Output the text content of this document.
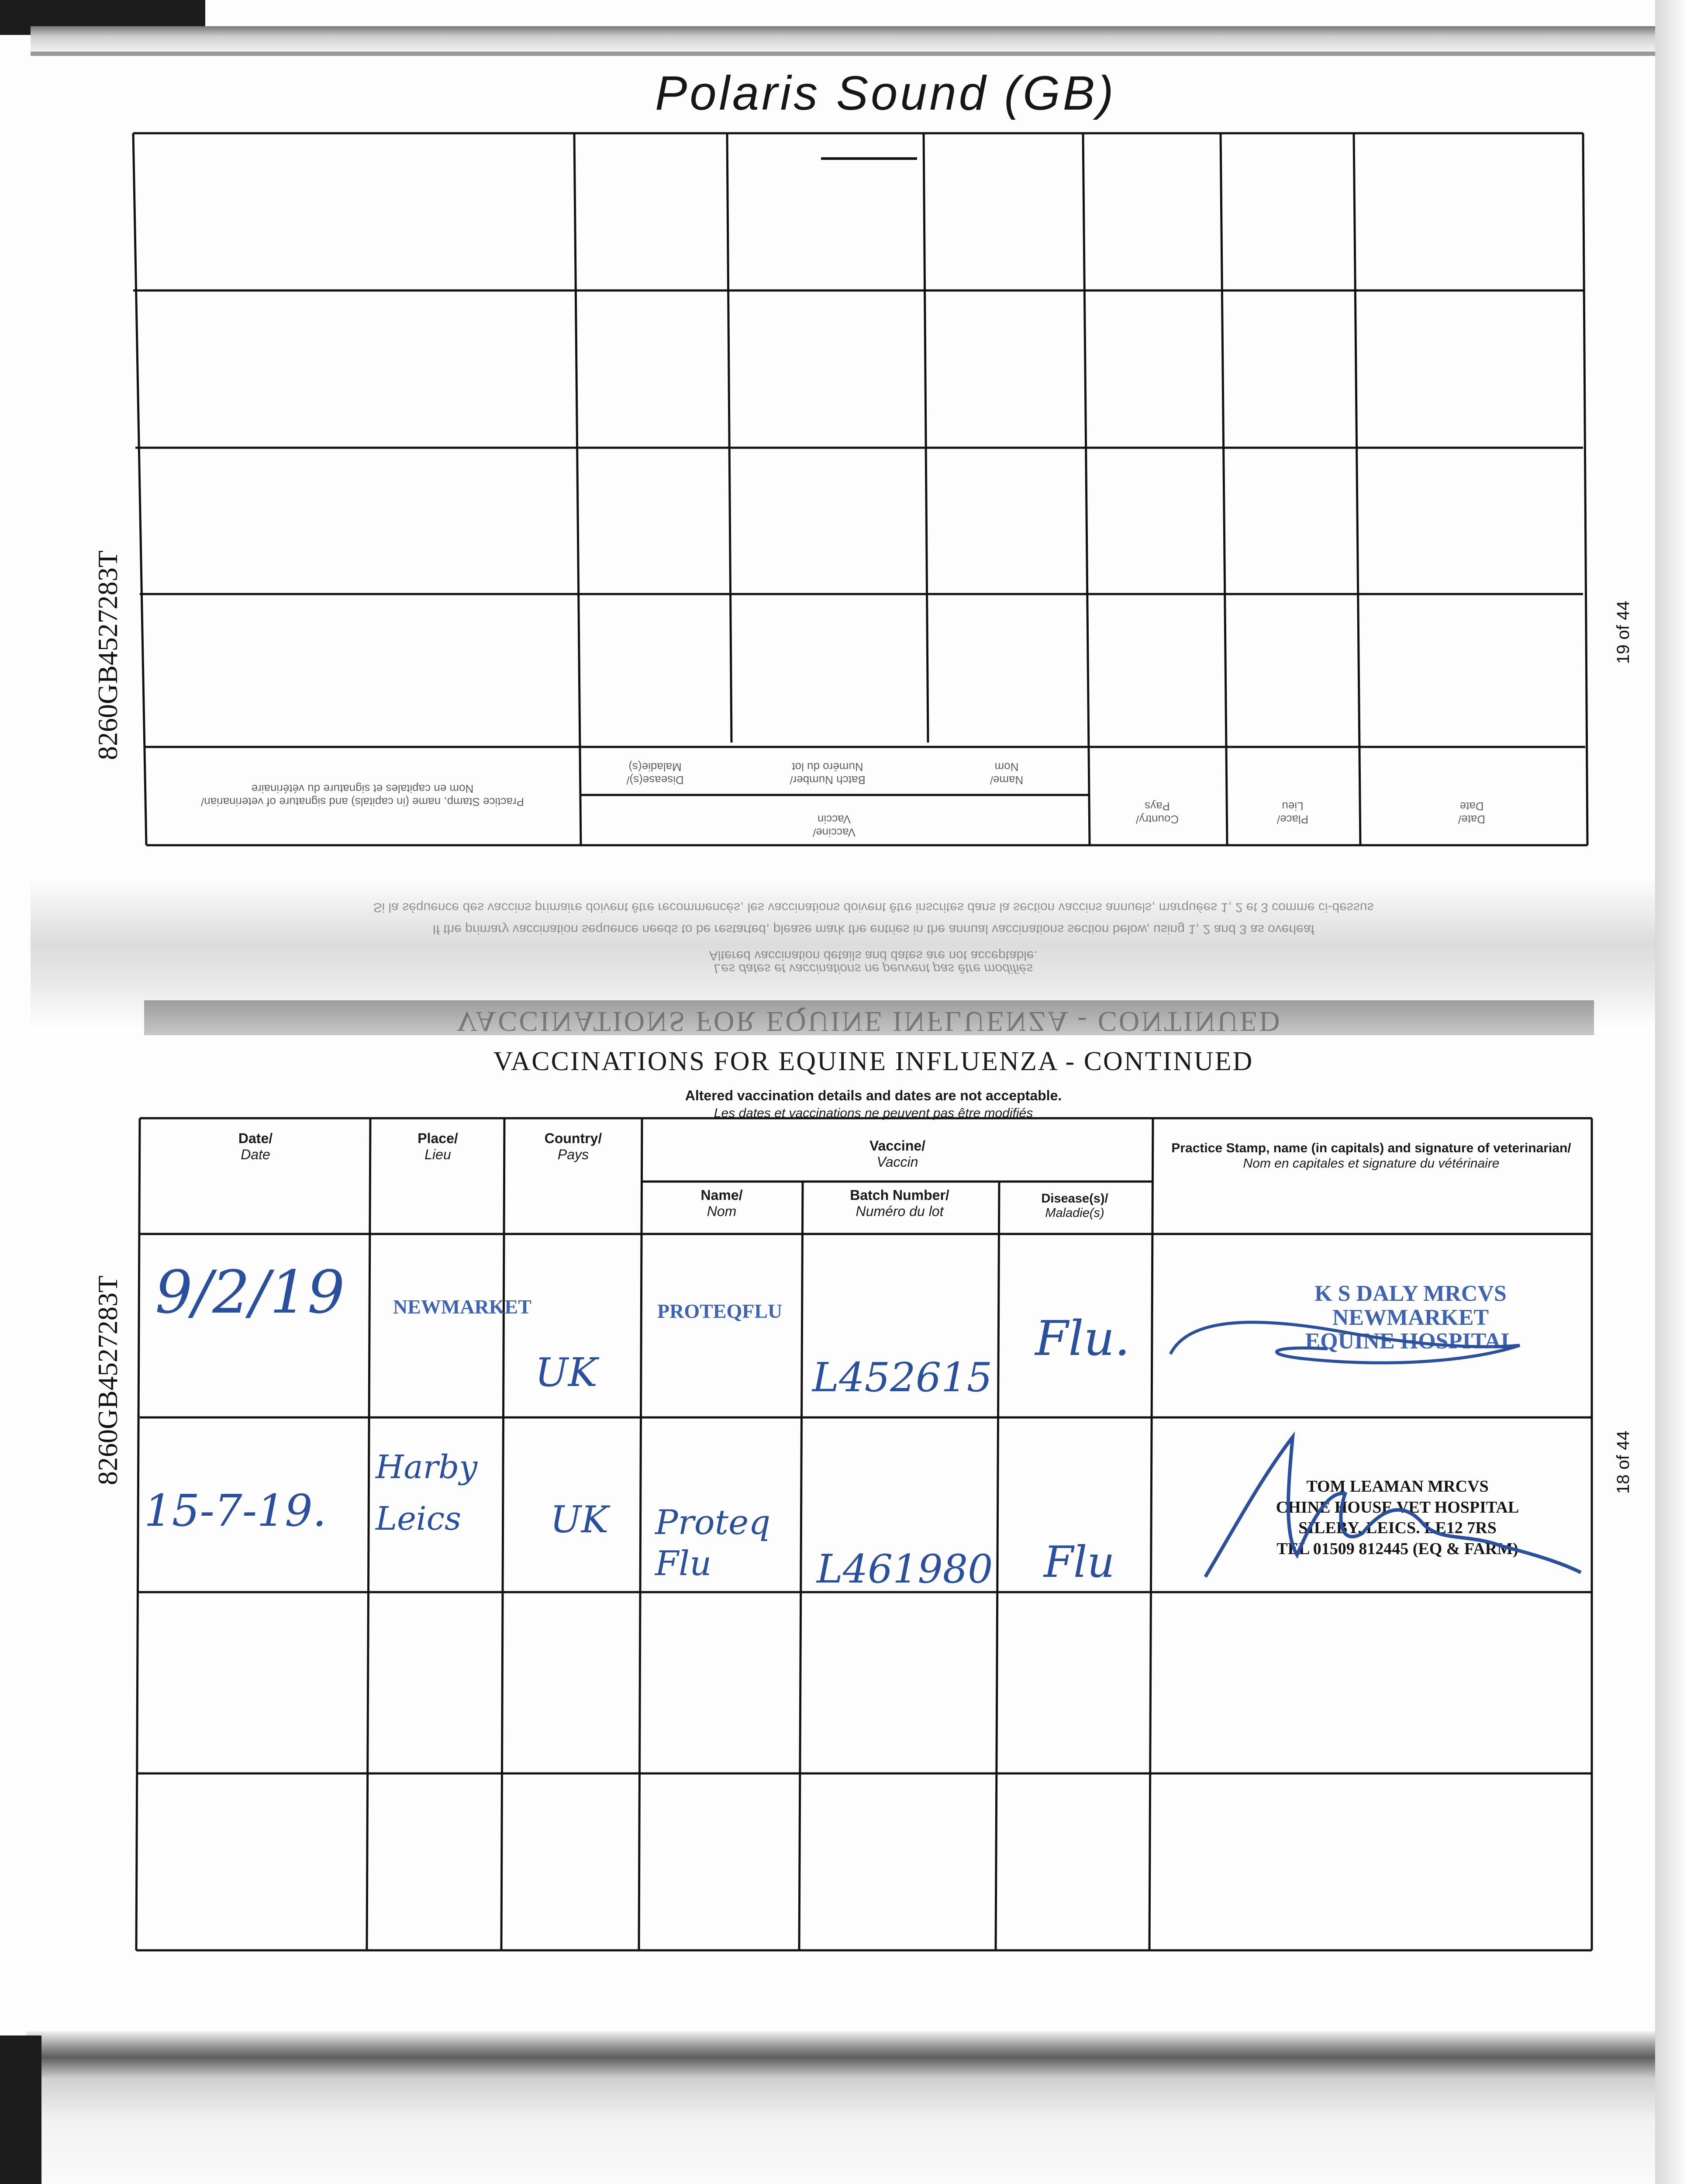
VACCINATIONS FOR EQUINE INFLUENZA - CONTINUED
If the primary vaccination sequence needs to be restarted, please mark the entries in the annual vaccinations section below, using 1, 2 and 3 as overleaf
Si la séquence des vaccins primaire doivent être recommencés, les vaccinations doivent être inscrites dans la section vaccins annuels, marquées 1, 2 et 3 comme ci-dessus
Altered vaccination details and dates are not acceptable.
Les dates et vaccinations ne peuvent pas être modifiés
Polaris Sound (GB)
8260GB4527283T
8260GB4527283T
19 of 44
18 of 44
Date/
Date
Place/
Lieu
Country/
Pays
Vaccine/
Vaccin
Name/
Nom
Batch Number/
Numéro du lot
Disease(s)/
Maladie(s)
Practice Stamp, name (in capitals) and signature of veterinarian/
Nom en capitales et signature du vétérinaire
VACCINATIONS FOR EQUINE INFLUENZA - CONTINUED
Altered vaccination details and dates are not acceptable.
Les dates et vaccinations ne peuvent pas être modifiés
Date/
Date
Place/
Lieu
Country/
Pays
Vaccine/
Vaccin
Name/
Nom
Batch Number/
Numéro du lot
Disease(s)/
Maladie(s)
Practice Stamp, name (in capitals) and signature of veterinarian/
Nom en capitales et signature du vétérinaire
9/2/19 NEWMARKET
UK
PROTEQFLU
L452615
Flu.
K S DALY MRCVS
NEWMARKET
EQUINE HOSPITAL
15-7-19.
Harby Leics	UK Proteq Flu	L461980 Flu
TOM LEAMAN MRCVS
CHINE HOUSE VET HOSPITAL
SILEBY, LEICS. LE12 7RS
TEL 01509 812445 (EQ & FARM)
